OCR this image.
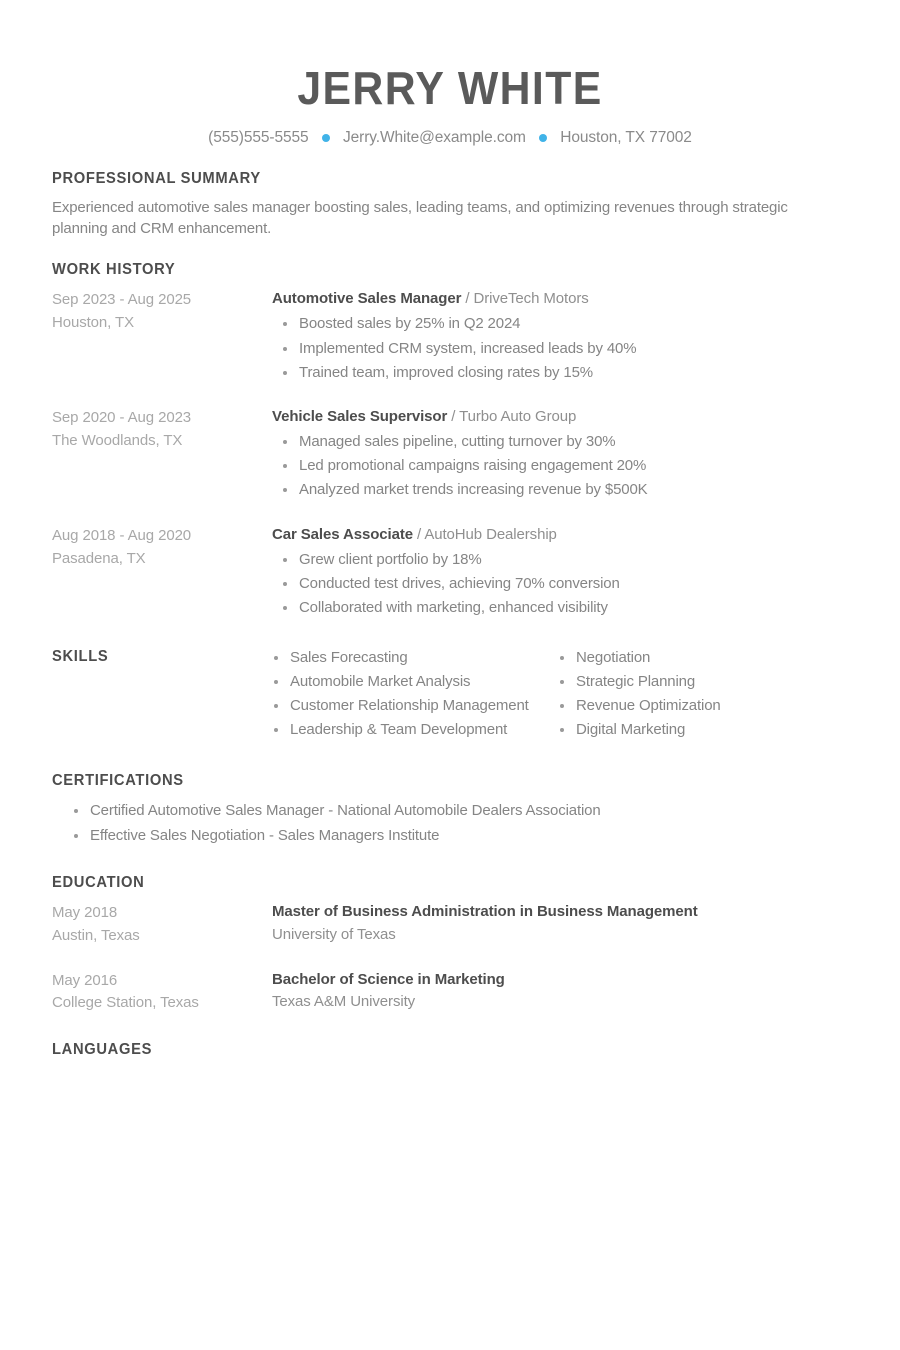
JERRY WHITE
(555)555-5555 Jerry.White@example.com Houston, TX 77002
PROFESSIONAL SUMMARY
Experienced automotive sales manager boosting sales, leading teams, and optimizing revenues through strategic planning and CRM enhancement.
WORK HISTORY
Sep 2023 - Aug 2025
Houston, TX
Automotive Sales Manager / DriveTech Motors
Boosted sales by 25% in Q2 2024
Implemented CRM system, increased leads by 40%
Trained team, improved closing rates by 15%
Sep 2020 - Aug 2023
The Woodlands, TX
Vehicle Sales Supervisor / Turbo Auto Group
Managed sales pipeline, cutting turnover by 30%
Led promotional campaigns raising engagement 20%
Analyzed market trends increasing revenue by $500K
Aug 2018 - Aug 2020
Pasadena, TX
Car Sales Associate / AutoHub Dealership
Grew client portfolio by 18%
Conducted test drives, achieving 70% conversion
Collaborated with marketing, enhanced visibility
SKILLS	Sales Forecasting
Automobile Market Analysis
Customer Relationship Management
Leadership & Team Development
Negotiation
Strategic Planning
Revenue Optimization
Digital Marketing
CERTIFICATIONS
Certified Automotive Sales Manager - National Automobile Dealers Association
Effective Sales Negotiation - Sales Managers Institute
EDUCATION
May 2018
Austin, Texas
Master of Business Administration in Business Management
University of Texas
May 2016
College Station, Texas
Bachelor of Science in Marketing
Texas A&M University
LANGUAGES
